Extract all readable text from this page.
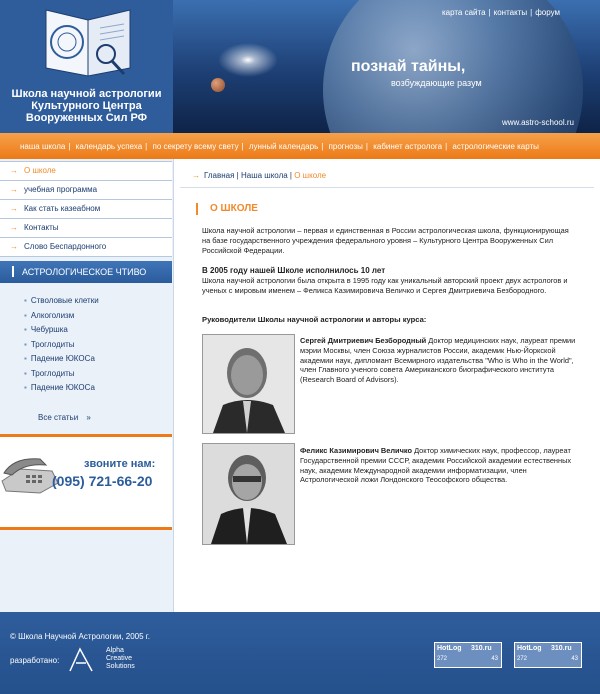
Школа научной астрологии
Культурного Центра
Вооруженных Сил РФ
карта сайта | контакты | форум
познай тайны,
возбуждающие разум
www.astro-school.ru
наша школа | календарь успеха | по секрету всему свету | лунный календарь | прогнозы | кабинет астролога | астрологические карты
→ О школе
→ учебная программа
→ Как стать казеабном
→ Контакты
→ Слово Беспардонного
АСТРОЛОГИЧЕСКОЕ ЧТИВО
▪ Стволовые клетки
▪ Алкоголизм
▪ Чебуршка
▪ Троглодиты
▪ Падение ЮКОСа
▪ Троглодиты
▪ Падение ЮКОСа
Все статьи »
звоните нам:
(095) 721-66-20
→ Главная | Наша школа | О школе
О ШКОЛЕ
Школа научной астрологии – первая и единственная в России астрологическая школа, функционирующая на базе государственного учреждения федерального уровня – Культурного Центра Вооруженных Сил Российской Федерации.
В 2005 году нашей Школе исполнилось 10 лет
Школа научной астрологии была открыта в 1995 году как уникальный авторский проект двух астрологов и ученых с мировым именем – Феликса Казимировича Величко и Сергея Дмитриевича Безбородного.
Руководители Школы научной астрологии и авторы курса:
Сергей Дмитриевич Безбородный Доктор медицинских наук, лауреат премии мэрии Москвы, член Союза журналистов России, академик Нью-Йоркской академии наук, дипломант Всемирного издательства "Who is Who in the World", член Главного ученого совета Американского биографического института (Research Board of Advisors).
Феликс Казимирович Величко Доктор химических наук, профессор, лауреат Государственной премии СССР, академик Российской академии естественных наук, академик Международной академии информатизации, член Астрологической ложи Лондонского Теософского общества.
© Школа Научной Астрологии, 2005 г.
разработано:
Alpha
Creative
Solutions
HotLog 310.ru
272	43
HotLog 310.ru
272	43
